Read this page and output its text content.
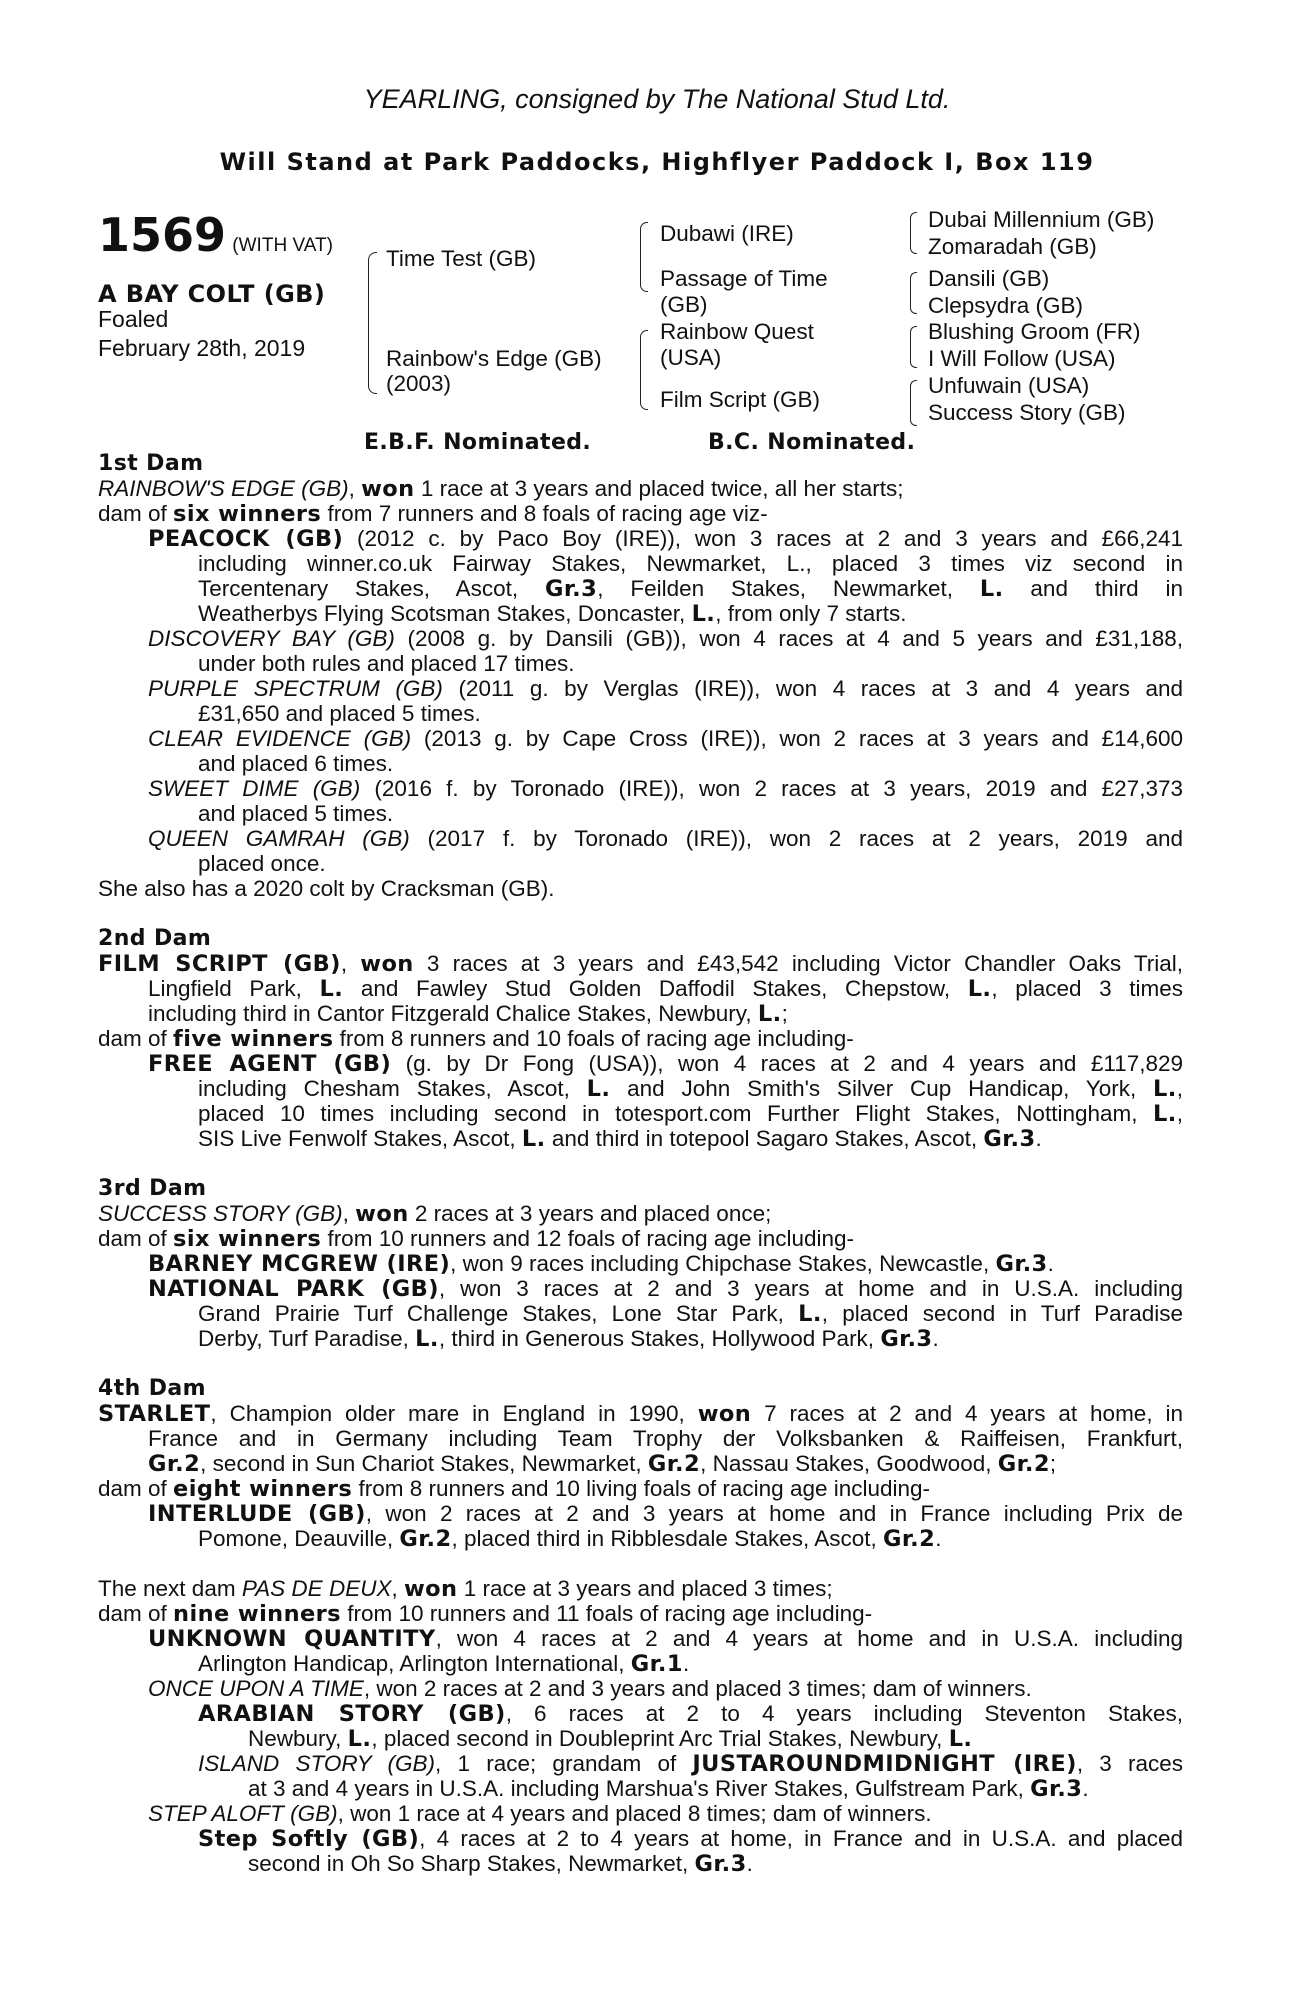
YEARLING, consigned by The National Stud Ltd.
Will Stand at Park Paddocks, Highflyer Paddock I, Box 119
1569 (WITH VAT)
A BAY COLT (GB)
Foaled
February 28th, 2019
Time Test (GB)
Rainbow's Edge (GB)
(2003)
Dubawi (IRE)
Passage of Time
(GB)
Rainbow Quest
(USA)
Film Script (GB)
Dubai Millennium (GB)
Zomaradah (GB)
Dansili (GB)
Clepsydra (GB)
Blushing Groom (FR)
I Will Follow (USA)
Unfuwain (USA)
Success Story (GB)
E.B.F. Nominated.	B.C. Nominated.
1st Dam
RAINBOW'S EDGE (GB), won 1 race at 3 years and placed twice, all her starts;
dam of six winners from 7 runners and 8 foals of racing age viz-
PEACOCK (GB) (2012 c. by Paco Boy (IRE)), won 3 races at 2 and 3 years and £66,241
including winner.co.uk Fairway Stakes, Newmarket, L., placed 3 times viz second in
Tercentenary Stakes, Ascot, Gr.3, Feilden Stakes, Newmarket, L. and third in
Weatherbys Flying Scotsman Stakes, Doncaster, L., from only 7 starts.
DISCOVERY BAY (GB) (2008 g. by Dansili (GB)), won 4 races at 4 and 5 years and £31,188,
under both rules and placed 17 times.
PURPLE SPECTRUM (GB) (2011 g. by Verglas (IRE)), won 4 races at 3 and 4 years and
£31,650 and placed 5 times.
CLEAR EVIDENCE (GB) (2013 g. by Cape Cross (IRE)), won 2 races at 3 years and £14,600
and placed 6 times.
SWEET DIME (GB) (2016 f. by Toronado (IRE)), won 2 races at 3 years, 2019 and £27,373
and placed 5 times.
QUEEN GAMRAH (GB) (2017 f. by Toronado (IRE)), won 2 races at 2 years, 2019 and
placed once.
She also has a 2020 colt by Cracksman (GB).
2nd Dam
FILM SCRIPT (GB), won 3 races at 3 years and £43,542 including Victor Chandler Oaks Trial,
Lingfield Park, L. and Fawley Stud Golden Daffodil Stakes, Chepstow, L., placed 3 times
including third in Cantor Fitzgerald Chalice Stakes, Newbury, L.;
dam of five winners from 8 runners and 10 foals of racing age including-
FREE AGENT (GB) (g. by Dr Fong (USA)), won 4 races at 2 and 4 years and £117,829
including Chesham Stakes, Ascot, L. and John Smith's Silver Cup Handicap, York, L.,
placed 10 times including second in totesport.com Further Flight Stakes, Nottingham, L.,
SIS Live Fenwolf Stakes, Ascot, L. and third in totepool Sagaro Stakes, Ascot, Gr.3.
3rd Dam
SUCCESS STORY (GB), won 2 races at 3 years and placed once;
dam of six winners from 10 runners and 12 foals of racing age including-
BARNEY MCGREW (IRE), won 9 races including Chipchase Stakes, Newcastle, Gr.3.
NATIONAL PARK (GB), won 3 races at 2 and 3 years at home and in U.S.A. including
Grand Prairie Turf Challenge Stakes, Lone Star Park, L., placed second in Turf Paradise
Derby, Turf Paradise, L., third in Generous Stakes, Hollywood Park, Gr.3.
4th Dam
STARLET, Champion older mare in England in 1990, won 7 races at 2 and 4 years at home, in
France and in Germany including Team Trophy der Volksbanken & Raiffeisen, Frankfurt,
Gr.2, second in Sun Chariot Stakes, Newmarket, Gr.2, Nassau Stakes, Goodwood, Gr.2;
dam of eight winners from 8 runners and 10 living foals of racing age including-
INTERLUDE (GB), won 2 races at 2 and 3 years at home and in France including Prix de
Pomone, Deauville, Gr.2, placed third in Ribblesdale Stakes, Ascot, Gr.2.
The next dam PAS DE DEUX, won 1 race at 3 years and placed 3 times;
dam of nine winners from 10 runners and 11 foals of racing age including-
UNKNOWN QUANTITY, won 4 races at 2 and 4 years at home and in U.S.A. including
Arlington Handicap, Arlington International, Gr.1.
ONCE UPON A TIME, won 2 races at 2 and 3 years and placed 3 times; dam of winners.
ARABIAN STORY (GB), 6 races at 2 to 4 years including Steventon Stakes,
Newbury, L., placed second in Doubleprint Arc Trial Stakes, Newbury, L.
ISLAND STORY (GB), 1 race; grandam of JUSTAROUNDMIDNIGHT (IRE), 3 races
at 3 and 4 years in U.S.A. including Marshua's River Stakes, Gulfstream Park, Gr.3.
STEP ALOFT (GB), won 1 race at 4 years and placed 8 times; dam of winners.
Step Softly (GB), 4 races at 2 to 4 years at home, in France and in U.S.A. and placed
second in Oh So Sharp Stakes, Newmarket, Gr.3.
